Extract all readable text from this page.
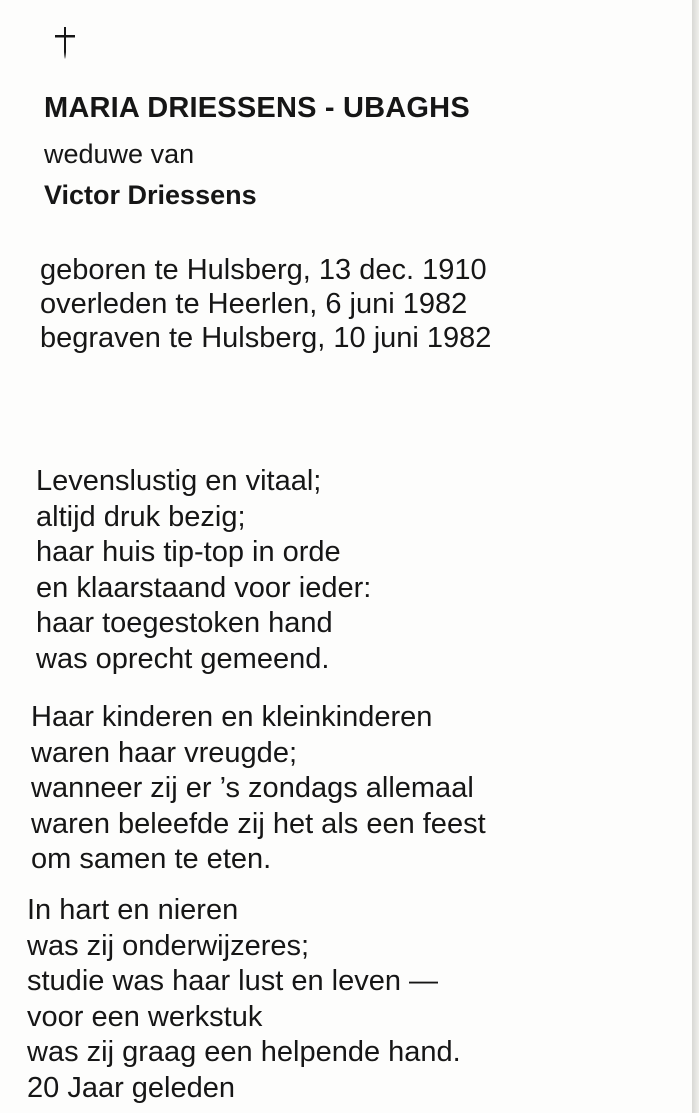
MARIA DRIESSENS - UBAGHS

weduwe van

Victor Driessens

geboren te Hulsberg, 13 dec. 1910
overleden te Heerlen, 6 juni 1982
begraven te Hulsberg, 10 juni 1982
Levenslustig en vitaal;
altijd druk bezig;
haar huis tip-top in orde
en klaarstaand voor ieder:
haar toegestoken hand
was oprecht gemeend.
Haar kinderen en kleinkinderen
waren haar vreugde;
wanneer zij er ’s zondags allemaal
waren beleefde zij het als een feest
om samen te eten.
In hart en nieren
was zij onderwijzeres;
studie was haar lust en leven —
voor een werkstuk
was zij graag een helpende hand.
20 Jaar geleden
